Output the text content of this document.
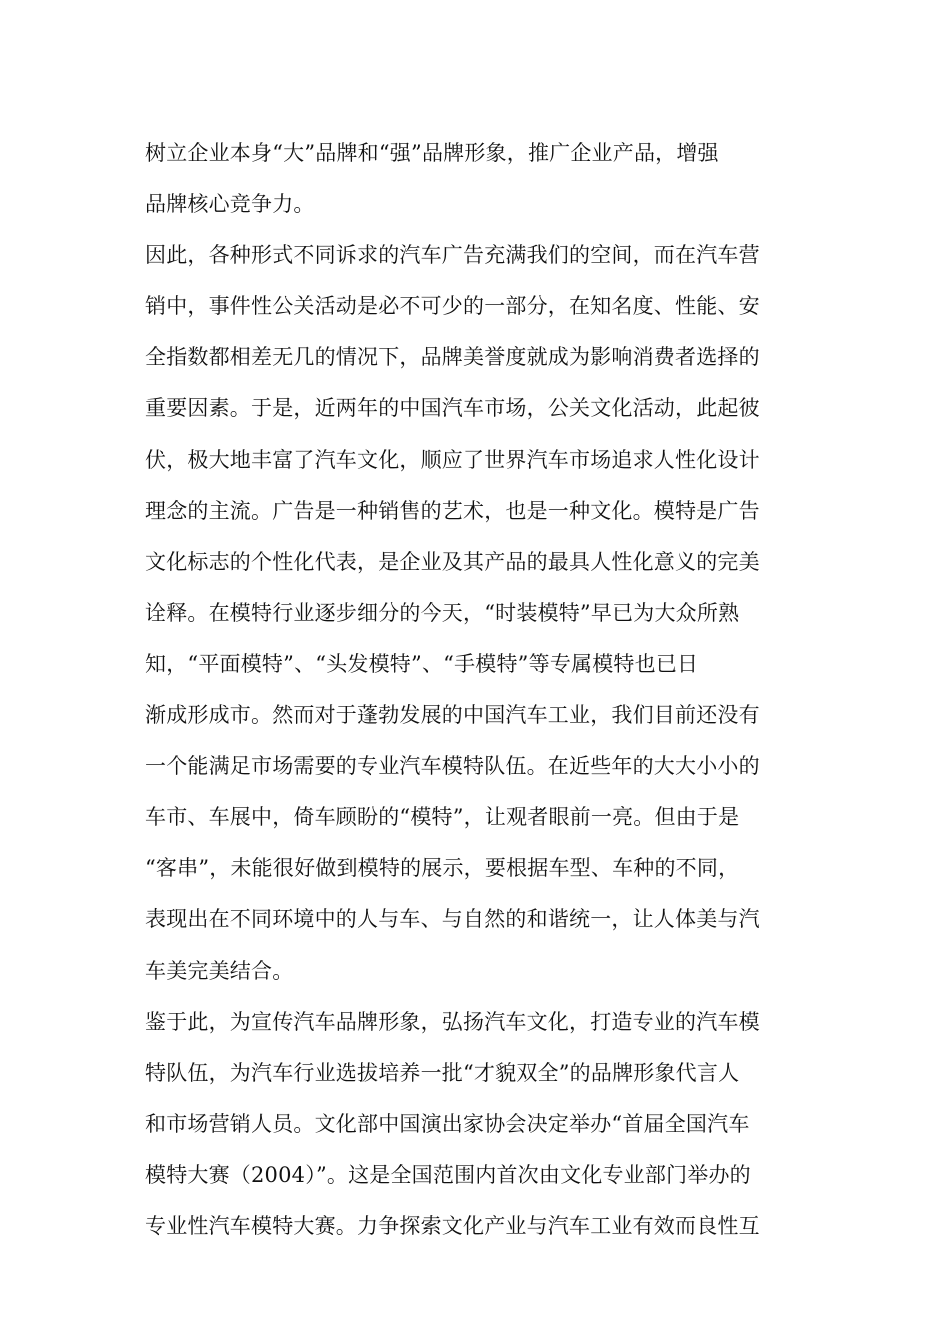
树立企业本身“大”品牌和“强”品牌形象，推广企业产品，增强
品牌核心竞争力。
因此，各种形式不同诉求的汽车广告充满我们的空间，而在汽车营
销中，事件性公关活动是必不可少的一部分，在知名度、性能、安
全指数都相差无几的情况下，品牌美誉度就成为影响消费者选择的
重要因素。于是，近两年的中国汽车市场，公关文化活动，此起彼
伏，极大地丰富了汽车文化，顺应了世界汽车市场追求人性化设计
理念的主流。广告是一种销售的艺术，也是一种文化。模特是广告
文化标志的个性化代表，是企业及其产品的最具人性化意义的完美
诠释。在模特行业逐步细分的今天，“时装模特”早已为大众所熟
知，“平面模特”、“头发模特”、“手模特”等专属模特也已日
渐成形成市。然而对于蓬勃发展的中国汽车工业，我们目前还没有
一个能满足市场需要的专业汽车模特队伍。在近些年的大大小小的
车市、车展中，倚车顾盼的“模特”，让观者眼前一亮。但由于是
“客串”，未能很好做到模特的展示，要根据车型、车种的不同，
表现出在不同环境中的人与车、与自然的和谐统一，让人体美与汽
车美完美结合。
鉴于此，为宣传汽车品牌形象，弘扬汽车文化，打造专业的汽车模
特队伍，为汽车行业选拔培养一批“才貌双全”的品牌形象代言人
和市场营销人员。文化部中国演出家协会决定举办“首届全国汽车
模特大赛（2004）”。这是全国范围内首次由文化专业部门举办的
专业性汽车模特大赛。力争探索文化产业与汽车工业有效而良性互
